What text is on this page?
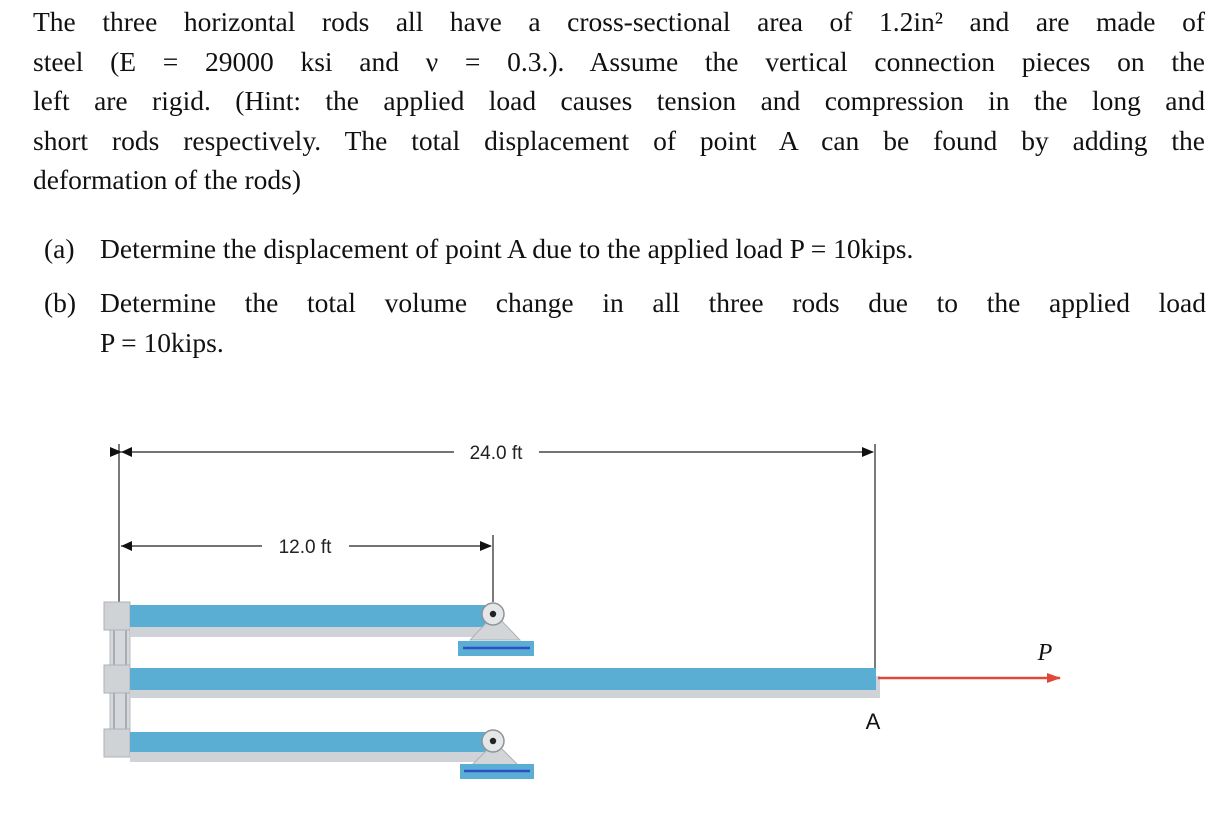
The three horizontal rods all have a cross-sectional area of 1.2in² and are made of
steel (E = 29000 ksi and ν = 0.3.). Assume the vertical connection pieces on the
left are rigid. (Hint: the applied load causes tension and compression in the long and
short rods respectively. The total displacement of point A can be found by adding the
deformation of the rods)
(a) Determine the displacement of point A due to the applied load P = 10kips.
(b) Determine the total volume change in all three rods due to the applied load
P = 10kips.
24.0 ft
12.0 ft
P
A
